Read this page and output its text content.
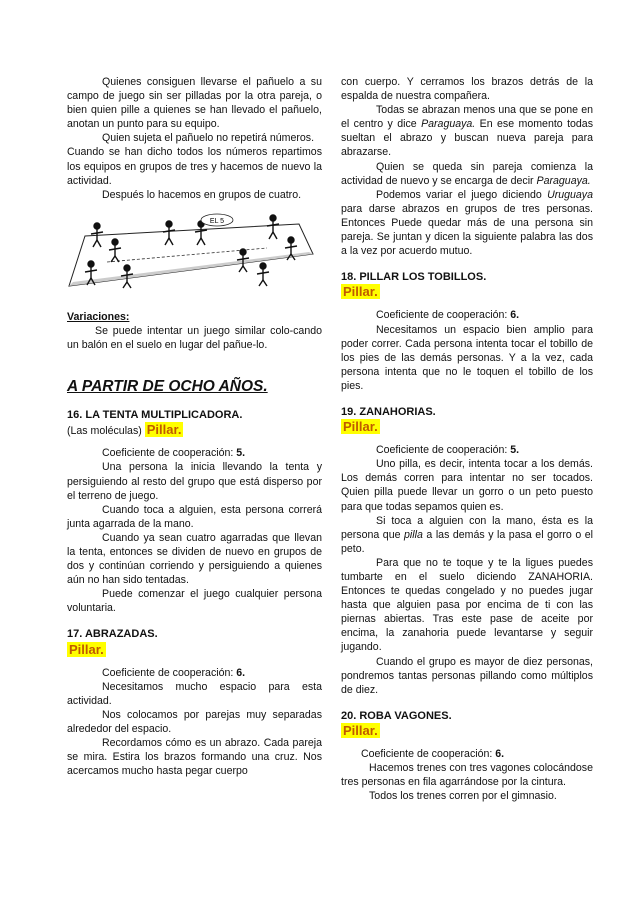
Quienes consiguen llevarse el pañuelo a su campo de juego sin ser pilladas por la otra pareja, o bien quien pille a quienes se han llevado el pañuelo, anotan un punto para su equipo.

Quien sujeta el pañuelo no repetirá números.

Cuando se han dicho todos los números repartimos los equipos en grupos de tres y hacemos de nuevo la actividad.

Después lo hacemos en grupos de cuatro.

EL 5

Variaciones:

Se puede intentar un juego similar colo-cando un balón en el suelo en lugar del pañue-lo.

A PARTIR DE OCHO AÑOS.

16. LA TENTA MULTIPLICADORA.

(Las moléculas) Pillar.

Coeficiente de cooperación: 5.

Una persona la inicia llevando la tenta y persiguiendo al resto del grupo que está disperso por el terreno de juego.

Cuando toca a alguien, esta persona correrá junta agarrada de la mano.

Cuando ya sean cuatro agarradas que llevan la tenta, entonces se dividen de nuevo en grupos de dos y continúan corriendo y persiguiendo a quienes aún no han sido tentadas.

Puede comenzar el juego cualquier persona voluntaria.

17. ABRAZADAS.

Pillar.

Coeficiente de cooperación: 6.

Necesitamos mucho espacio para esta actividad.

Nos colocamos por parejas muy separadas alrededor del espacio.

Recordamos cómo es un abrazo. Cada pareja se mira. Estira los brazos formando una cruz. Nos acercamos mucho hasta pegar cuerpo

con cuerpo. Y cerramos los brazos detrás de la espalda de nuestra compañera.

Todas se abrazan menos una que se pone en el centro y dice Paraguaya. En ese momento todas sueltan el abrazo y buscan nueva pareja para abrazarse.

Quien se queda sin pareja comienza la actividad de nuevo y se encarga de decir Paraguaya.

Podemos variar el juego diciendo Uruguaya para darse abrazos en grupos de tres personas. Entonces Puede quedar más de una persona sin pareja. Se juntan y dicen la siguiente palabra las dos a la vez por acuerdo mutuo.

18. PILLAR LOS TOBILLOS.

Pillar.

Coeficiente de cooperación: 6.

Necesitamos un espacio bien amplio para poder correr. Cada persona intenta tocar el tobillo de los pies de las demás personas. Y a la vez, cada persona intenta que no le toquen el tobillo de los pies.

19. ZANAHORIAS.

Pillar.

Coeficiente de cooperación: 5.

Uno pilla, es decir, intenta tocar a los demás. Los demás corren para intentar no ser tocados. Quien pilla puede llevar un gorro o un peto puesto para que todas sepamos quien es.

Si toca a alguien con la mano, ésta es la persona que pilla a las demás y la pasa el gorro o el peto.

Para que no te toque y te la ligues puedes tumbarte en el suelo diciendo ZANAHORIA. Entonces te quedas congelado y no puedes jugar hasta que alguien pasa por encima de ti con las piernas abiertas. Tras este pase de aceite por encima, la zanahoria puede levantarse y seguir jugando.

Cuando el grupo es mayor de diez personas, pondremos tantas personas pillando como múltiplos de diez.

20. ROBA VAGONES.

Pillar.

Coeficiente de cooperación: 6.

Hacemos trenes con tres vagones colocándose tres personas en fila agarrándose por la cintura.

Todos los trenes corren por el gimnasio.
